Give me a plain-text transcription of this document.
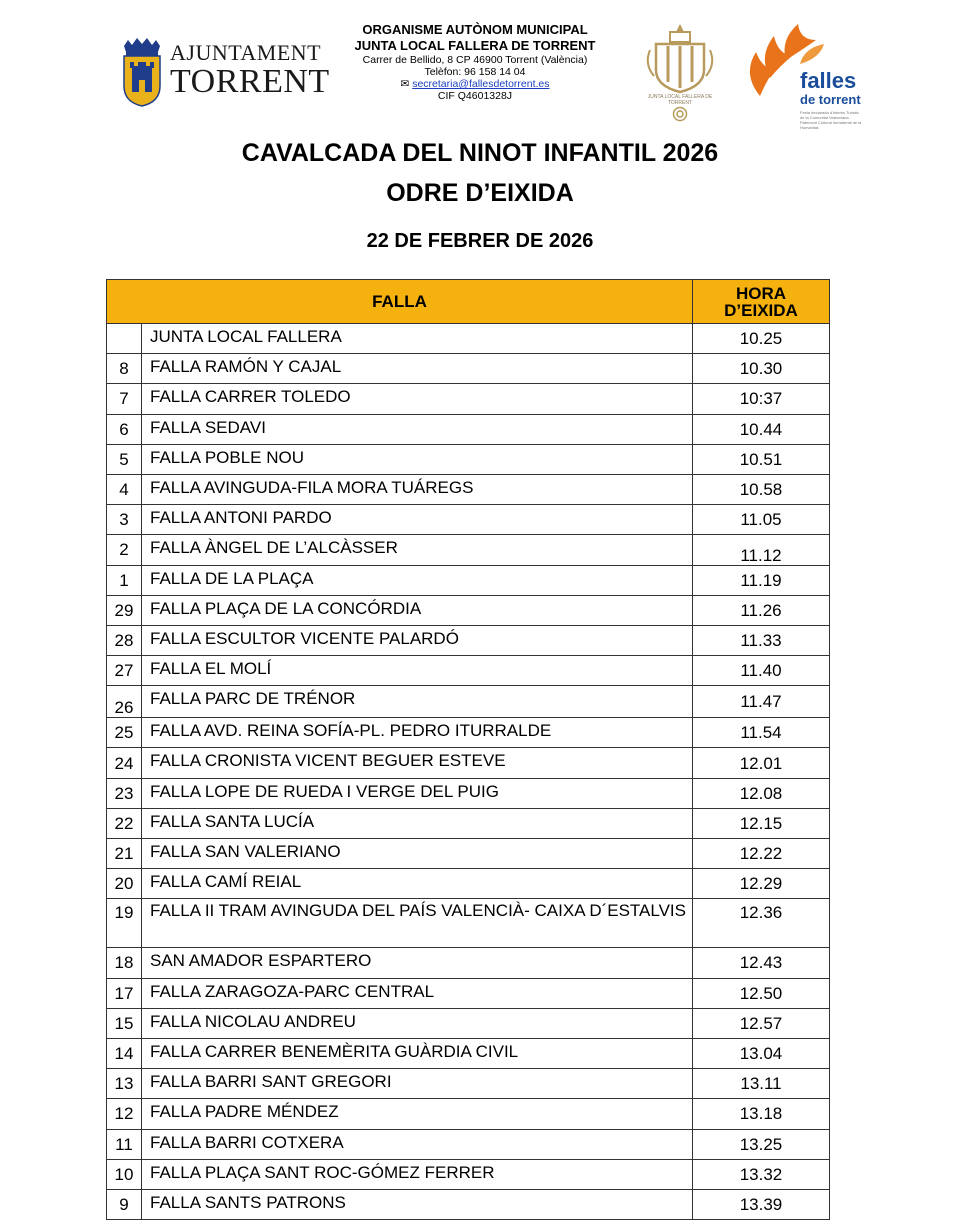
AJUNTAMENT
TORRENT
ORGANISME AUTÒNOM MUNICIPAL
JUNTA LOCAL FALLERA DE TORRENT
Carrer de Bellido, 8 CP 46900 Torrent (València)
Telèfon: 96 158 14 04
✉ secretaria@fallesdetorrent.es
CIF Q4601328J	JUNTA LOCAL FALLERA DE TORRENT
falles
de torrent
Festa declarada d'Interès Turístic de la Comunitat Valenciana. Patrimoni Cultural Immaterial de la Humanitat.
CAVALCADA DEL NINOT INFANTIL 2026
ODRE D’EIXIDA
22 DE FEBRER DE 2026
FALLA		HORA
D’EIXIDA
	JUNTA LOCAL FALLERA	10.25
8	FALLA RAMÓN Y CAJAL	10.30
7	FALLA CARRER TOLEDO	10:37
6	FALLA SEDAVI	10.44
5	FALLA POBLE NOU	10.51
4	FALLA AVINGUDA-FILA MORA TUÁREGS	10.58
3	FALLA ANTONI PARDO	11.05
2	FALLA ÀNGEL DE L’ALCÀSSER	11.12
1	FALLA DE LA PLAÇA	11.19
29	FALLA PLAÇA DE LA CONCÓRDIA	11.26
28	FALLA ESCULTOR VICENTE PALARDÓ	11.33
27	FALLA EL MOLÍ	11.40
26	FALLA PARC DE TRÉNOR	11.47
25	FALLA AVD. REINA SOFÍA-PL. PEDRO ITURRALDE	11.54
24	FALLA CRONISTA VICENT BEGUER ESTEVE	12.01
23	FALLA LOPE DE RUEDA I VERGE DEL PUIG	12.08
22	FALLA SANTA LUCÍA	12.15
21	FALLA SAN VALERIANO	12.22
20	FALLA CAMÍ REIAL	12.29
19	FALLA II TRAM AVINGUDA DEL PAÍS VALENCIÀ- CAIXA D´ESTALVIS	12.36
18	SAN AMADOR ESPARTERO	12.43
17	FALLA ZARAGOZA-PARC CENTRAL	12.50
15	FALLA NICOLAU ANDREU	12.57
14	FALLA CARRER BENEMÈRITA GUÀRDIA CIVIL	13.04
13	FALLA BARRI SANT GREGORI	13.11
12	FALLA PADRE MÉNDEZ	13.18
11	FALLA BARRI COTXERA	13.25
10	FALLA PLAÇA SANT ROC-GÓMEZ FERRER	13.32
9	FALLA SANTS PATRONS	13.39
